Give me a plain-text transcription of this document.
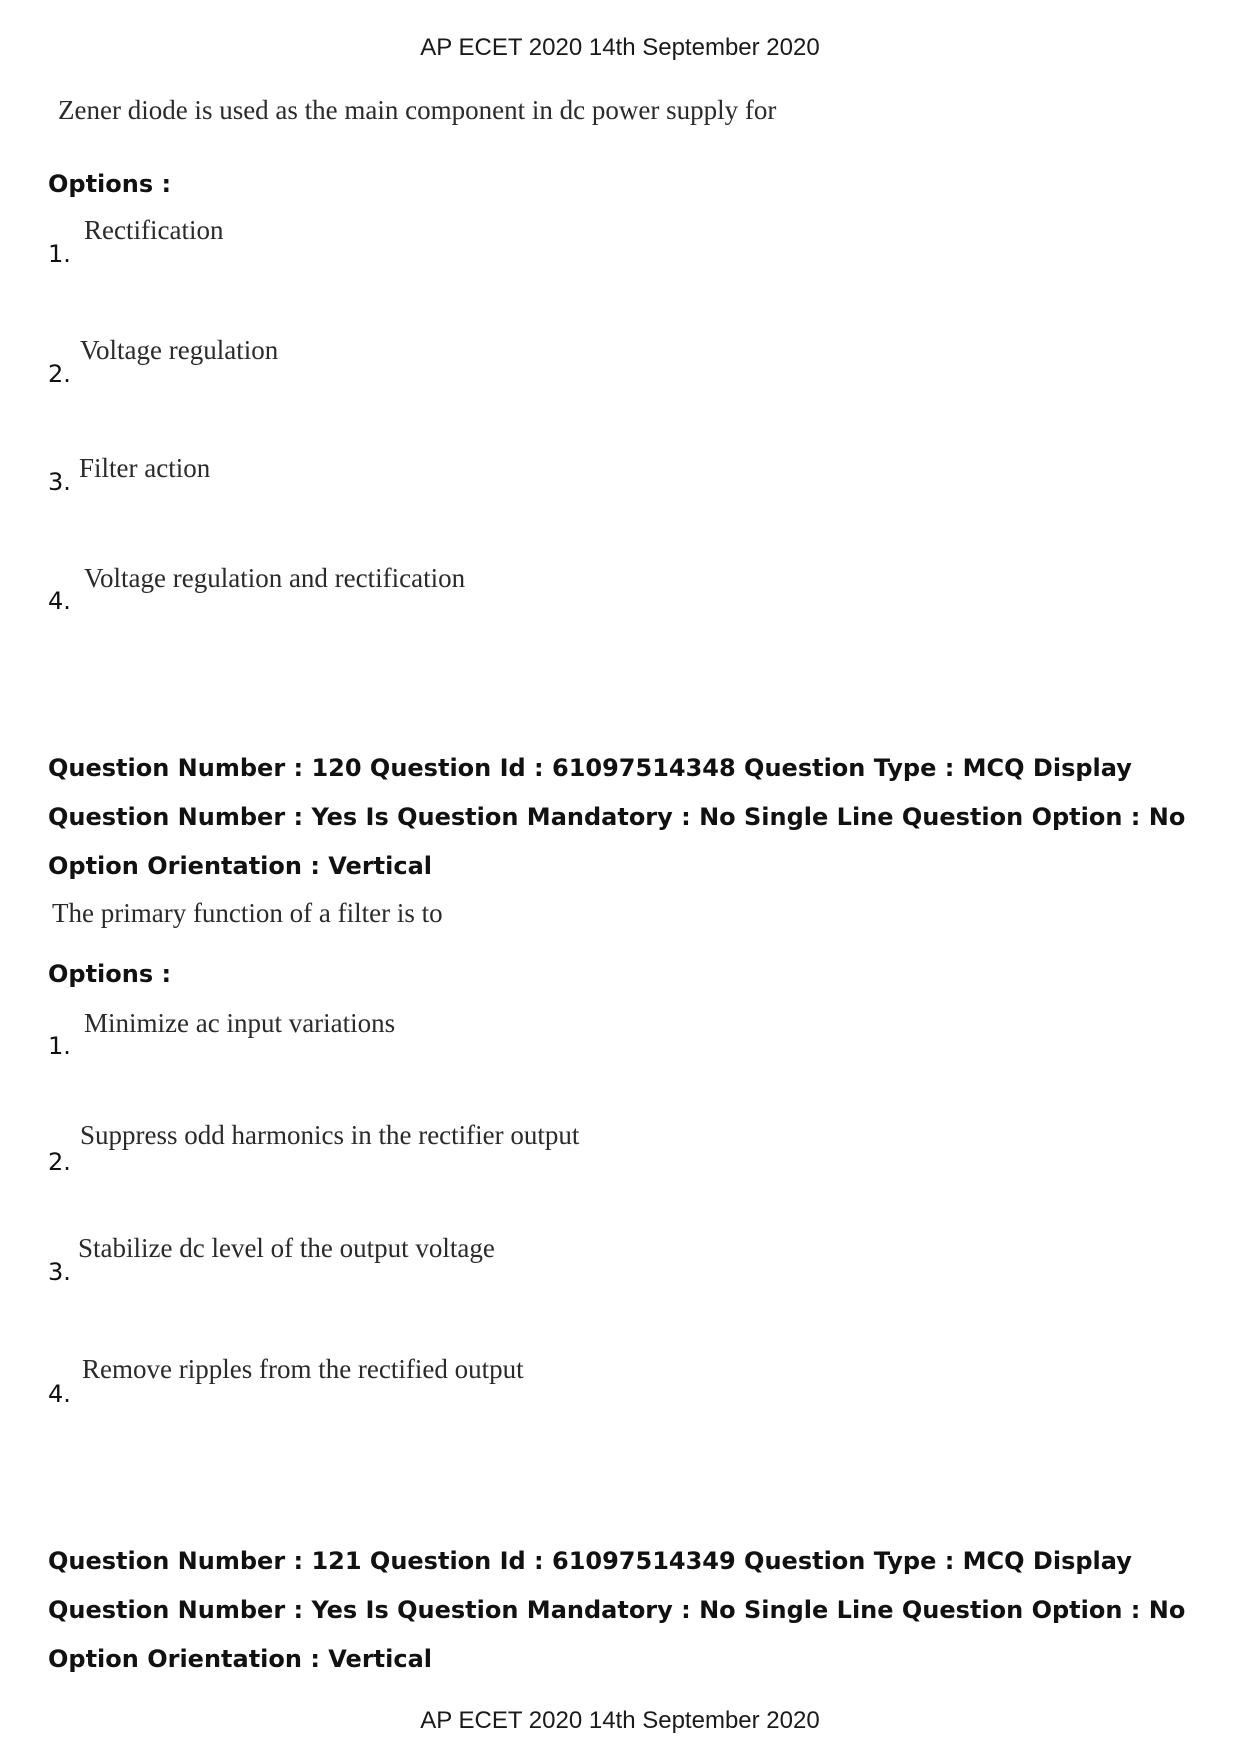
AP ECET 2020 14th September 2020
Zener diode is used as the main component in dc power supply for
Options :
1.
Rectification
2.
Voltage regulation
3. Filter action
4.
Voltage regulation and rectification
Question Number : 120 Question Id : 61097514348 Question Type : MCQ Display Question Number : Yes Is Question Mandatory : No Single Line Question Option : No Option Orientation : Vertical
The primary function of a filter is to
Options :
1.
Minimize ac input variations
2.
Suppress odd harmonics in the rectifier output
3.
Stabilize dc level of the output voltage
4.
Remove ripples from the rectified output
Question Number : 121 Question Id : 61097514349 Question Type : MCQ Display Question Number : Yes Is Question Mandatory : No Single Line Question Option : No Option Orientation : Vertical
AP ECET 2020 14th September 2020
